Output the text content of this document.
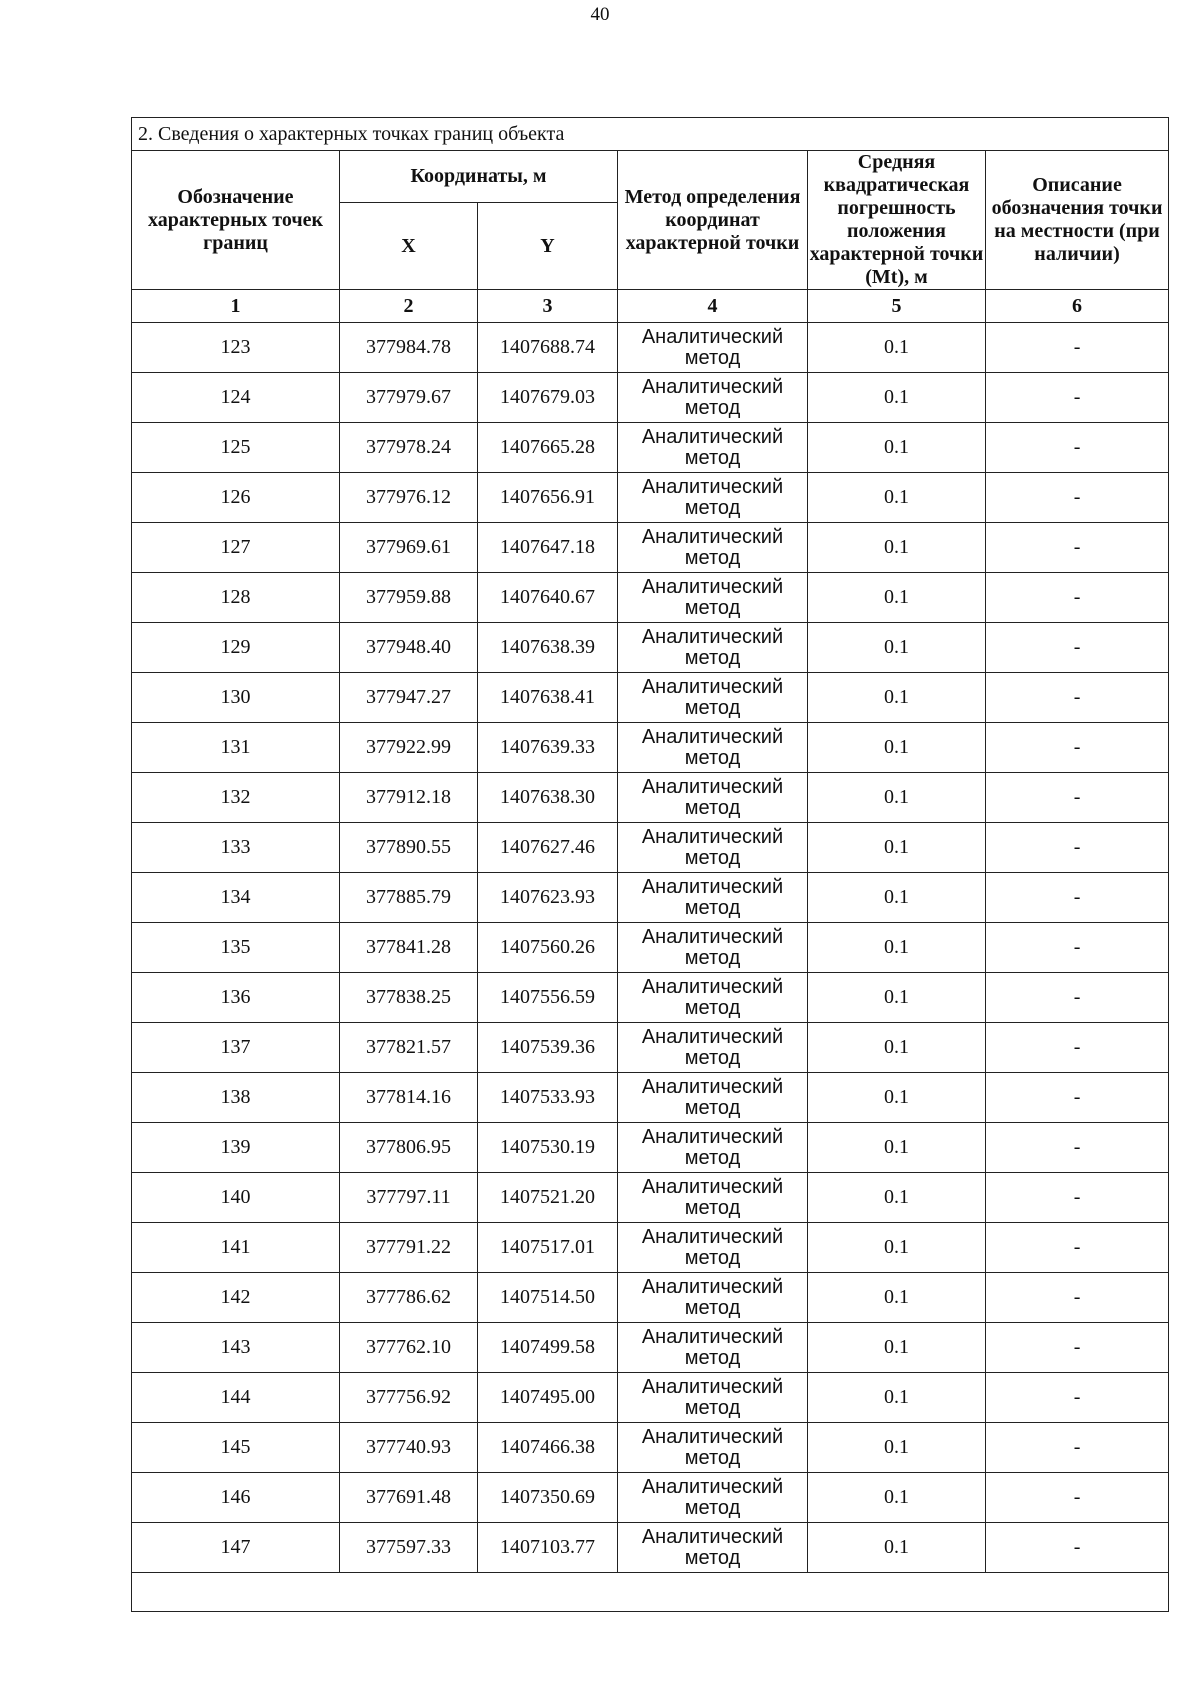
40
2. Сведения о характерных точках границ объекта					
Обозначение характерных точек границ	Координаты, м		Метод определения координат характерной точки	Средняя квадратическая погрешность положения характерной точки (Mt), м	Описание обозначения точки на местности (при наличии)
	X	Y			
1	2	3	4	5	6
123	377984.78	1407688.74	Аналитический метод	0.1	-
124	377979.67	1407679.03	Аналитический метод	0.1	-
125	377978.24	1407665.28	Аналитический метод	0.1	-
126	377976.12	1407656.91	Аналитический метод	0.1	-
127	377969.61	1407647.18	Аналитический метод	0.1	-
128	377959.88	1407640.67	Аналитический метод	0.1	-
129	377948.40	1407638.39	Аналитический метод	0.1	-
130	377947.27	1407638.41	Аналитический метод	0.1	-
131	377922.99	1407639.33	Аналитический метод	0.1	-
132	377912.18	1407638.30	Аналитический метод	0.1	-
133	377890.55	1407627.46	Аналитический метод	0.1	-
134	377885.79	1407623.93	Аналитический метод	0.1	-
135	377841.28	1407560.26	Аналитический метод	0.1	-
136	377838.25	1407556.59	Аналитический метод	0.1	-
137	377821.57	1407539.36	Аналитический метод	0.1	-
138	377814.16	1407533.93	Аналитический метод	0.1	-
139	377806.95	1407530.19	Аналитический метод	0.1	-
140	377797.11	1407521.20	Аналитический метод	0.1	-
141	377791.22	1407517.01	Аналитический метод	0.1	-
142	377786.62	1407514.50	Аналитический метод	0.1	-
143	377762.10	1407499.58	Аналитический метод	0.1	-
144	377756.92	1407495.00	Аналитический метод	0.1	-
145	377740.93	1407466.38	Аналитический метод	0.1	-
146	377691.48	1407350.69	Аналитический метод	0.1	-
147	377597.33	1407103.77	Аналитический метод	0.1	-
